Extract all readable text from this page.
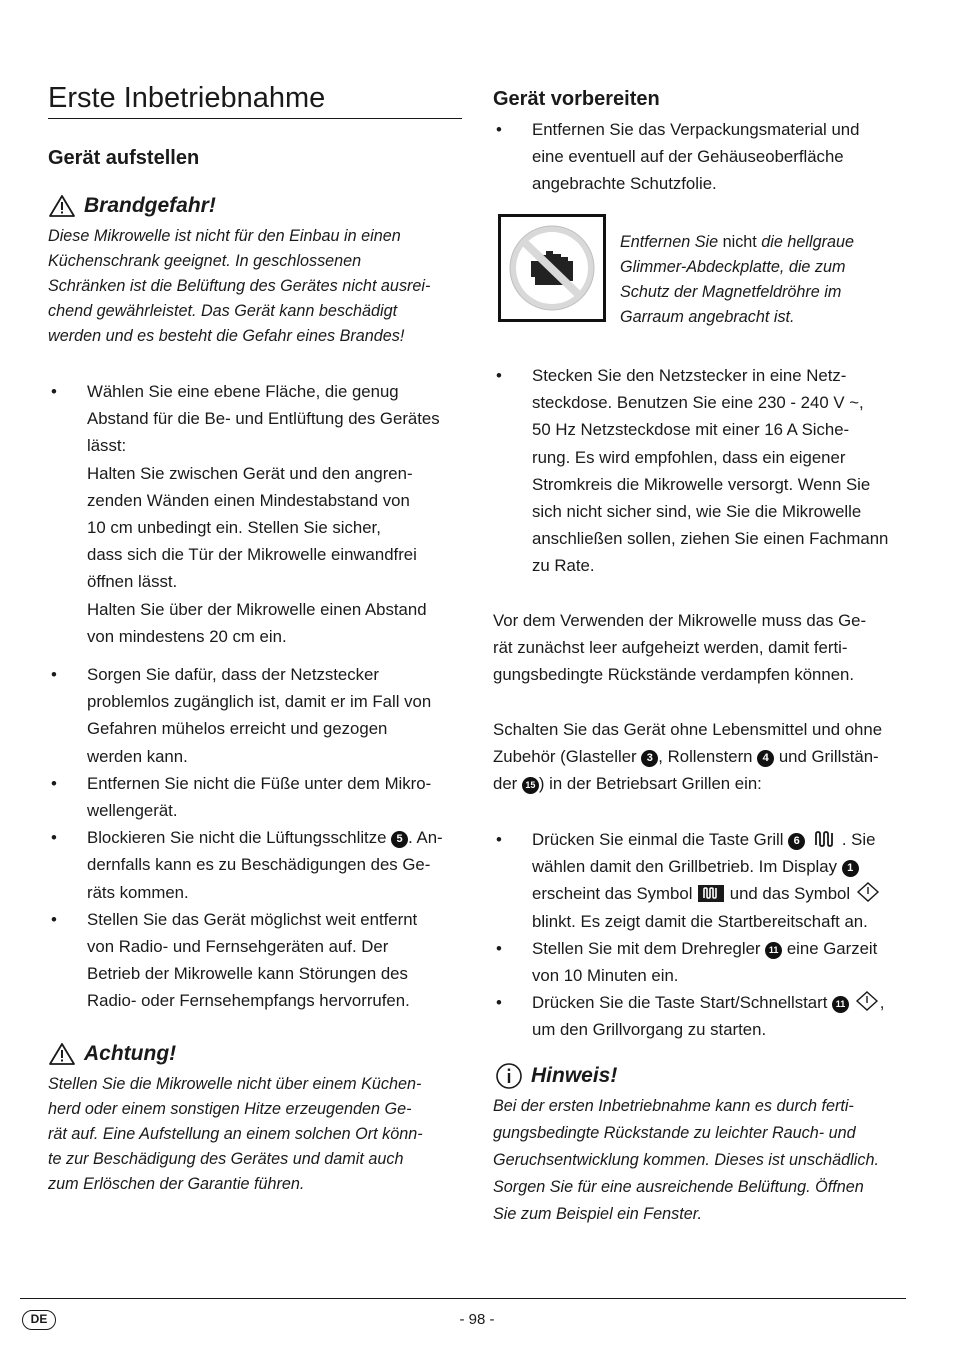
Erste Inbetriebnahme
Gerät aufstellen
Brandgefahr!
Diese Mikrowelle ist nicht für den Einbau in einen
Küchenschrank geeignet. In geschlossenen
Schränken ist die Belüftung des Gerätes nicht ausrei-
chend gewährleistet. Das Gerät kann beschädigt
werden und es besteht die Gefahr eines Brandes!
• Wählen Sie eine ebene Fläche, die genug
Abstand für die Be- und Entlüftung des Gerätes
lässt:
Halten Sie zwischen Gerät und den angren-
zenden Wänden einen Mindestabstand von
10 cm unbedingt ein. Stellen Sie sicher,
dass sich die Tür der Mikrowelle einwandfrei
öffnen lässt.
Halten Sie über der Mikrowelle einen Abstand
von mindestens 20 cm ein.
• Sorgen Sie dafür, dass der Netzstecker
problemlos zugänglich ist, damit er im Fall von
Gefahren mühelos erreicht und gezogen
werden kann.
• Entfernen Sie nicht die Füße unter dem Mikro-
wellengerät.
• Blockieren Sie nicht die Lüftungsschlitze 5 . An-
dernfalls kann es zu Beschädigungen des Ge-
räts kommen.
• Stellen Sie das Gerät möglichst weit entfernt
von Radio- und Fernsehgeräten auf. Der
Betrieb der Mikrowelle kann Störungen des
Radio- oder Fernsehempfangs hervorrufen.
Achtung!
Stellen Sie die Mikrowelle nicht über einem Küchen-
herd oder einem sonstigen Hitze erzeugenden Ge-
rät auf. Eine Aufstellung an einem solchen Ort könn-
te zur Beschädigung des Gerätes und damit auch
zum Erlöschen der Garantie führen.
Gerät vorbereiten
• Entfernen Sie das Verpackungsmaterial und
eine eventuell auf der Gehäuseoberfläche
angebrachte Schutzfolie.
Entfernen Sie nicht die hellgraue
Glimmer-Abdeckplatte, die zum
Schutz der Magnetfeldröhre im
Garraum angebracht ist.
• Stecken Sie den Netzstecker in eine Netz-
steckdose. Benutzen Sie eine 230 - 240 V ~,
50 Hz Netzsteckdose mit einer 16 A Siche-
rung. Es wird empfohlen, dass ein eigener
Stromkreis die Mikrowelle versorgt. Wenn Sie
sich nicht sicher sind, wie Sie die Mikrowelle
anschließen sollen, ziehen Sie einen Fachmann
zu Rate.
Vor dem Verwenden der Mikrowelle muss das Ge-
rät zunächst leer aufgeheizt werden, damit ferti-
gungsbedingte Rückstände verdampfen können.
Schalten Sie das Gerät ohne Lebensmittel und ohne
Zubehör (Glasteller 3 , Rollenstern 4 und Grillstän-
der 15 ) in der Betriebsart Grillen ein:
• Drücken Sie einmal die Taste Grill 6	. Sie
wählen damit den Grillbetrieb. Im Display 1
erscheint das Symbol  und das Symbol
blinkt. Es zeigt damit die Startbereitschaft an.
• Stellen Sie mit dem Drehregler 11 eine Garzeit
von 10 Minuten ein.
• Drücken Sie die Taste Start/Schnellstart 11 ,
um den Grillvorgang zu starten.
Hinweis!
Bei der ersten Inbetriebnahme kann es durch ferti-
gungsbedingte Rückstande zu leichter Rauch- und
Geruchsentwicklung kommen. Dieses ist unschädlich.
Sorgen Sie für eine ausreichende Belüftung. Öffnen
Sie zum Beispiel ein Fenster.
DE	- 98 -
